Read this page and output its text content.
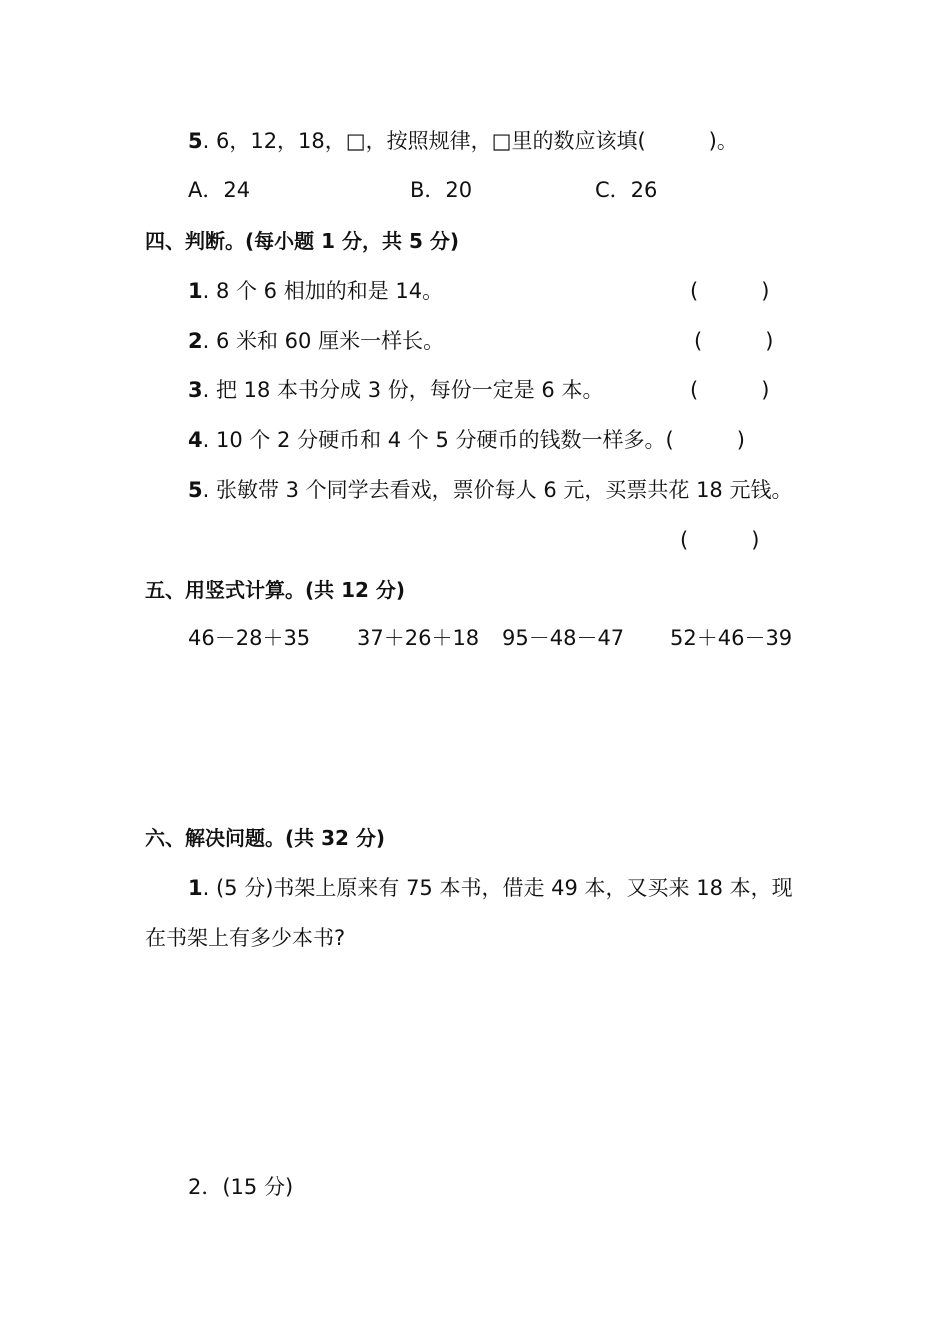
5. 6，12，18，□，按照规律，□里的数应该填(　　　)。
A．24	B．20	C．26
四、判断。(每小题 1 分，共 5 分)
1. 8 个 6 相加的和是 14。	(　　　)
2. 6 米和 60 厘米一样长。	(　　　)
3. 把 18 本书分成 3 份，每份一定是 6 本。	(　　　)
4. 10 个 2 分硬币和 4 个 5 分硬币的钱数一样多。(　　　)
5. 张敏带 3 个同学去看戏，票价每人 6 元，买票共花 18 元钱。
(　　　)
五、用竖式计算。(共 12 分)
46－28＋35 37＋26＋18 95－48－47 52＋46－39
六、解决问题。(共 32 分)
1. (5 分)书架上原来有 75 本书，借走 49 本，又买来 18 本，现
在书架上有多少本书?
2．(15 分)
